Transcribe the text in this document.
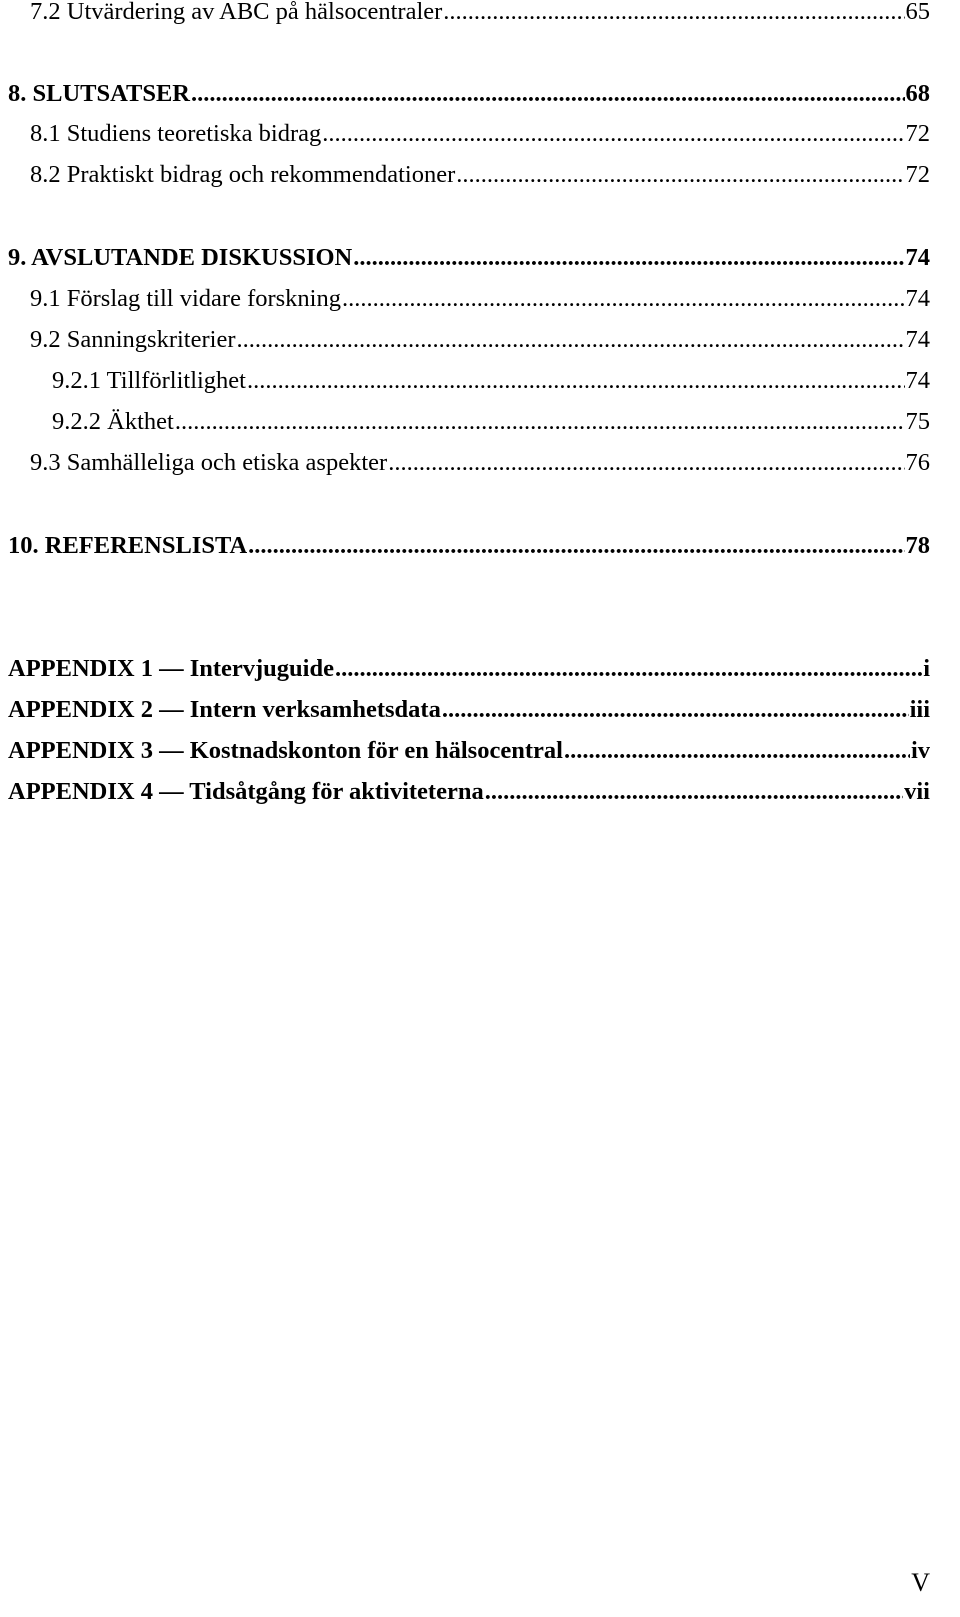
7.2 Utvärdering av ABC på hälsocentraler .....	65
8. SLUTSATSER .....	68
8.1 Studiens teoretiska bidrag .....	72
8.2 Praktiskt bidrag och rekommendationer .....	72
9. AVSLUTANDE DISKUSSION .....	74
9.1 Förslag till vidare forskning .....	74
9.2 Sanningskriterier .....	74
9.2.1 Tillförlitlighet .....	74
9.2.2 Äkthet .....	75
9.3 Samhälleliga och etiska aspekter .....	76
10. REFERENSLISTA .....	78
APPENDIX 1 — Intervjuguide .....	i
APPENDIX 2 — Intern verksamhetsdata .....	iii
APPENDIX 3 — Kostnadskonton för en hälsocentral .....	iv
APPENDIX 4 — Tidsåtgång för aktiviteterna .....	vii
V
